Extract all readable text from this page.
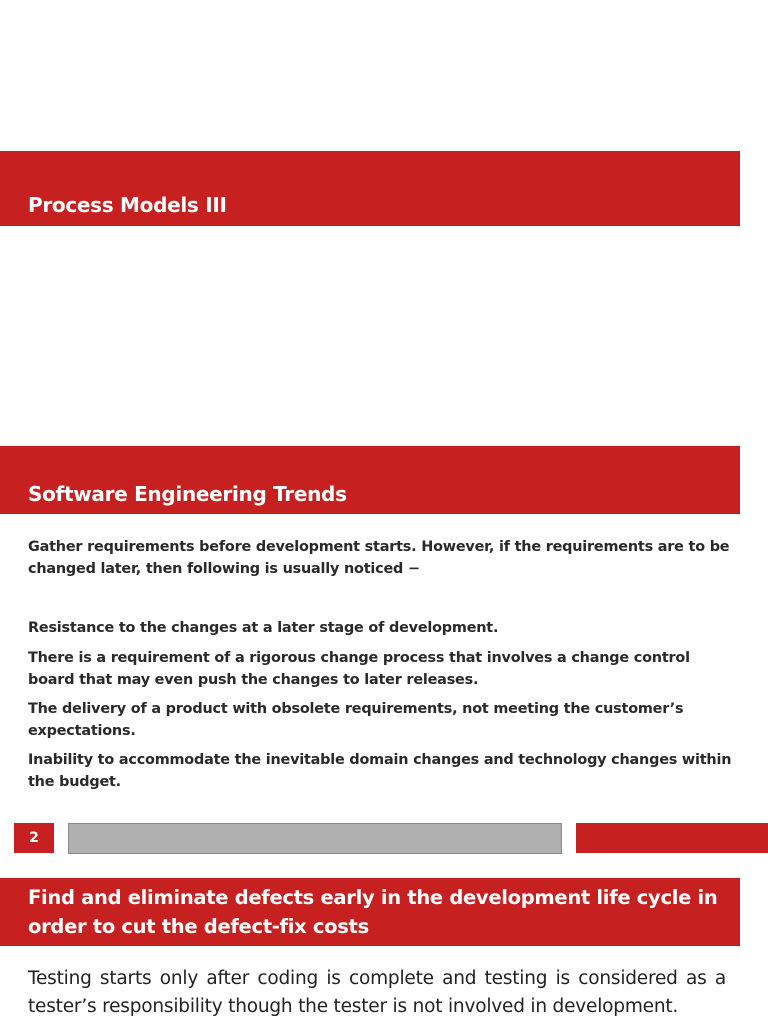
Process Models III
Software Engineering Trends
Gather requirements before development starts. However, if the requirements are to be changed later, then following is usually noticed −
Resistance to the changes at a later stage of development.
There is a requirement of a rigorous change process that involves a change control board that may even push the changes to later releases.
The delivery of a product with obsolete requirements, not meeting the customer’s expectations.
Inability to accommodate the inevitable domain changes and technology changes within the budget.
2
Find and eliminate defects early in the development life cycle in order to cut the defect-fix costs
Testing starts only after coding is complete and testing is considered as a tester’s responsibility though the tester is not involved in development.
